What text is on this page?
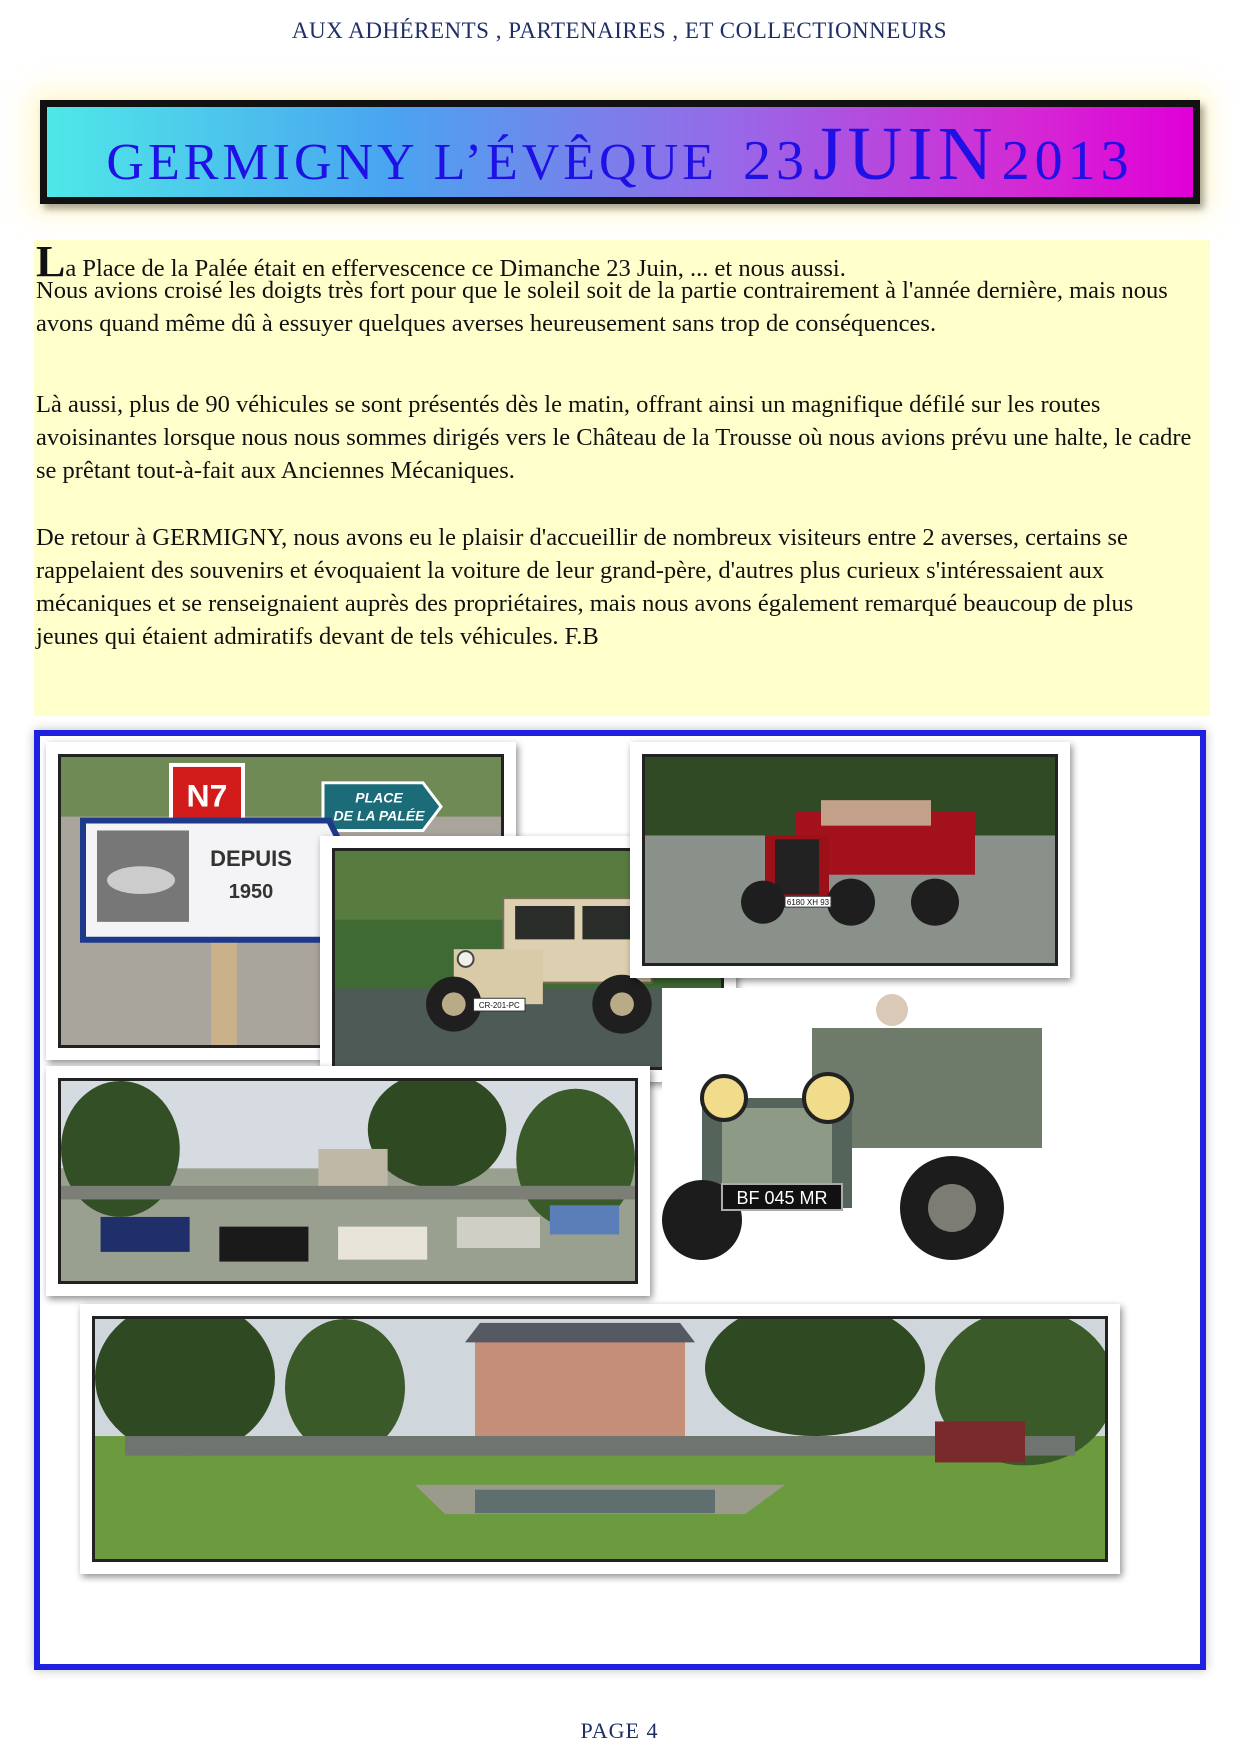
AUX ADHÉRENTS , PARTENAIRES , ET COLLECTIONNEURS
GERMIGNY L’ÉVÊQUE 23 JUIN 2013

La Place de la Palée était en effervescence ce Dimanche 23 Juin, ... et nous aussi.

Nous avions croisé les doigts très fort pour que le soleil soit de la partie contrairement à l'année dernière, mais nous avons quand même dû à essuyer quelques averses heureusement sans trop de conséquences.

Là aussi, plus de 90 véhicules se sont présentés dès le matin, offrant ainsi un magnifique défilé sur les routes avoisinantes lorsque nous nous sommes dirigés vers le Château de la Trousse où nous avions prévu une halte, le cadre se prêtant tout-à-fait aux Anciennes Mécaniques.

De retour à GERMIGNY, nous avons eu le plaisir d'accueillir de nombreux visiteurs entre 2 averses, certains se rappelaient des souvenirs et évoquaient la voiture de leur grand-père, d'autres plus curieux s'intéressaient aux mécaniques et se renseignaient auprès des propriétaires, mais nous avons également remarqué beaucoup de plus jeunes qui étaient admiratifs devant de tels véhicules. F.B

N7	PLACE
DE LA PALÉE
DEPUIS
1950
CR-201-PC
6180 XH 93
BF 045 MR
PAGE 4
